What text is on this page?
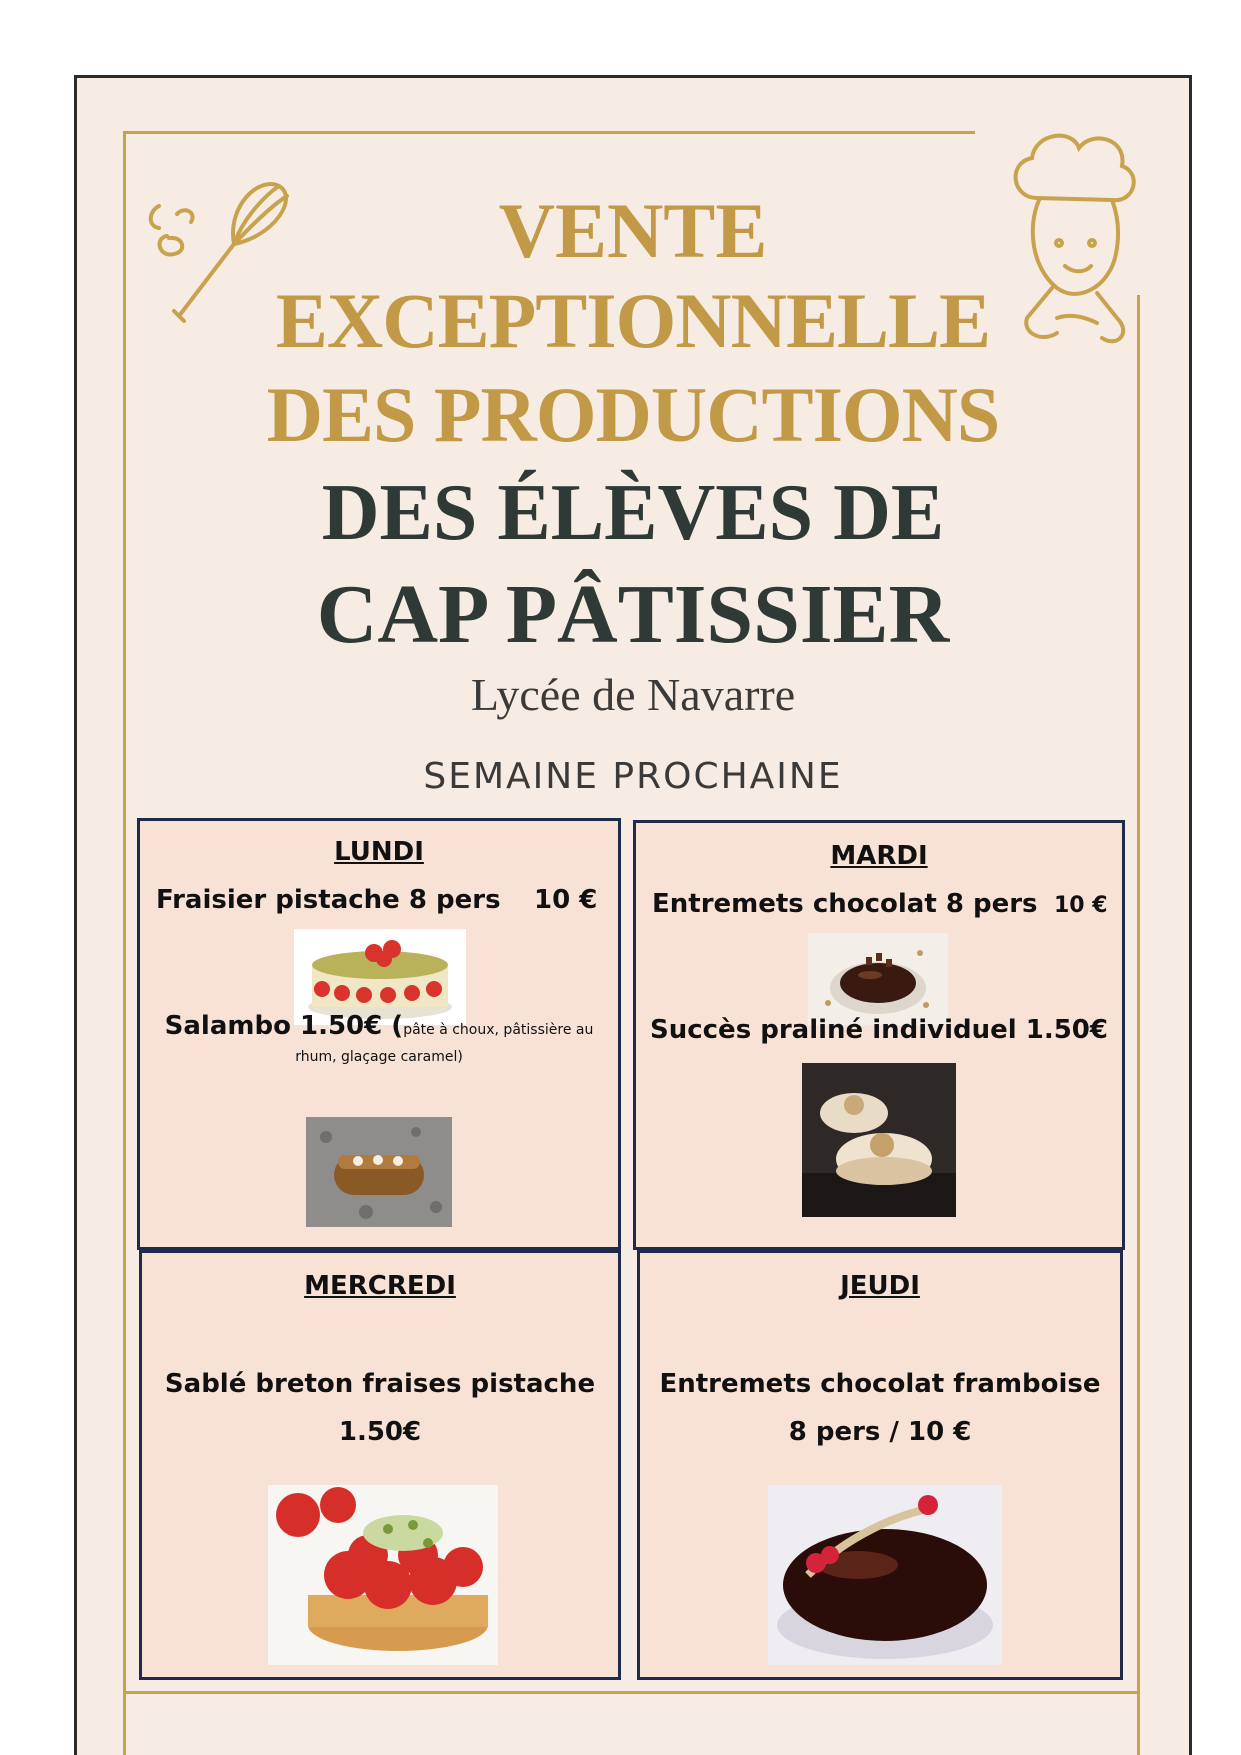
VENTE
EXCEPTIONNELLE
DES PRODUCTIONS
DES ÉLÈVES DE
CAP PÂTISSIER
Lycée de Navarre
SEMAINE PROCHAINE
LUNDI
Fraisier pistache 8 pers 10 €
Salambo 1.50€ (pâte à choux, pâtissière au
rhum, glaçage caramel)
MARDI
Entremets chocolat 8 pers 10 €
Succès praliné individuel 1.50€
MERCREDI
Sablé breton fraises pistache
1.50€
JEUDI
Entremets chocolat framboise
8 pers / 10 €
